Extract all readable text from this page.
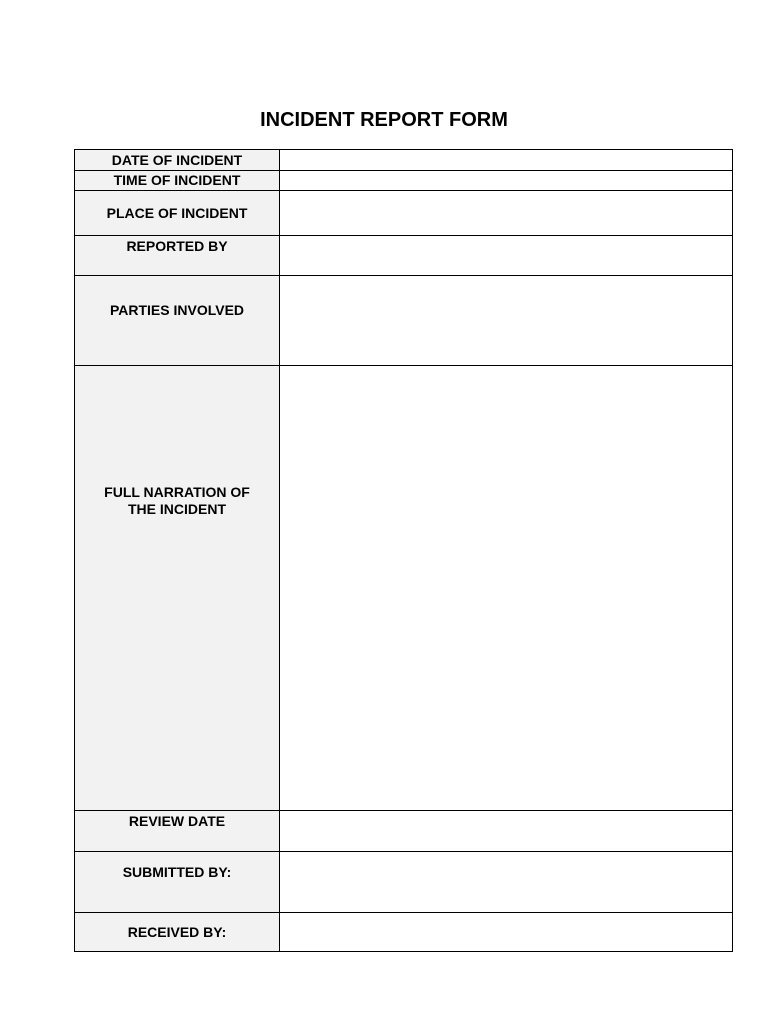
INCIDENT REPORT FORM
DATE OF INCIDENT	
TIME OF INCIDENT	
PLACE OF INCIDENT	
REPORTED BY	
PARTIES INVOLVED	
FULL NARRATION OF
THE INCIDENT	
REVIEW DATE	
SUBMITTED BY:	
RECEIVED BY:	
